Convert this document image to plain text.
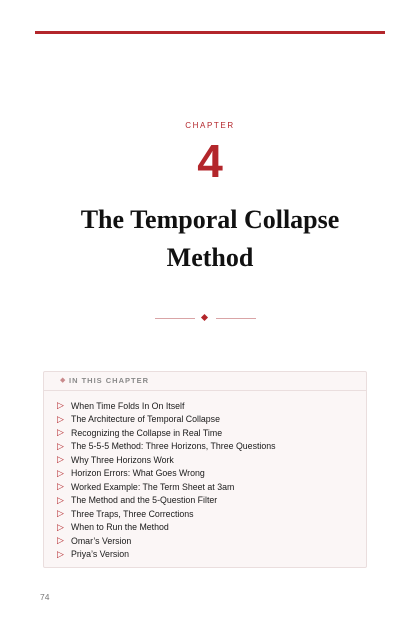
CHAPTER
4
The Temporal Collapse
Method
◆ IN THIS CHAPTER
▷ When Time Folds In On Itself
▷ The Architecture of Temporal Collapse
▷ Recognizing the Collapse in Real Time
▷ The 5-5-5 Method: Three Horizons, Three Questions
▷ Why Three Horizons Work
▷ Horizon Errors: What Goes Wrong
▷ Worked Example: The Term Sheet at 3am
▷ The Method and the 5-Question Filter
▷ Three Traps, Three Corrections
▷ When to Run the Method
▷ Omar’s Version
▷ Priya’s Version
74
